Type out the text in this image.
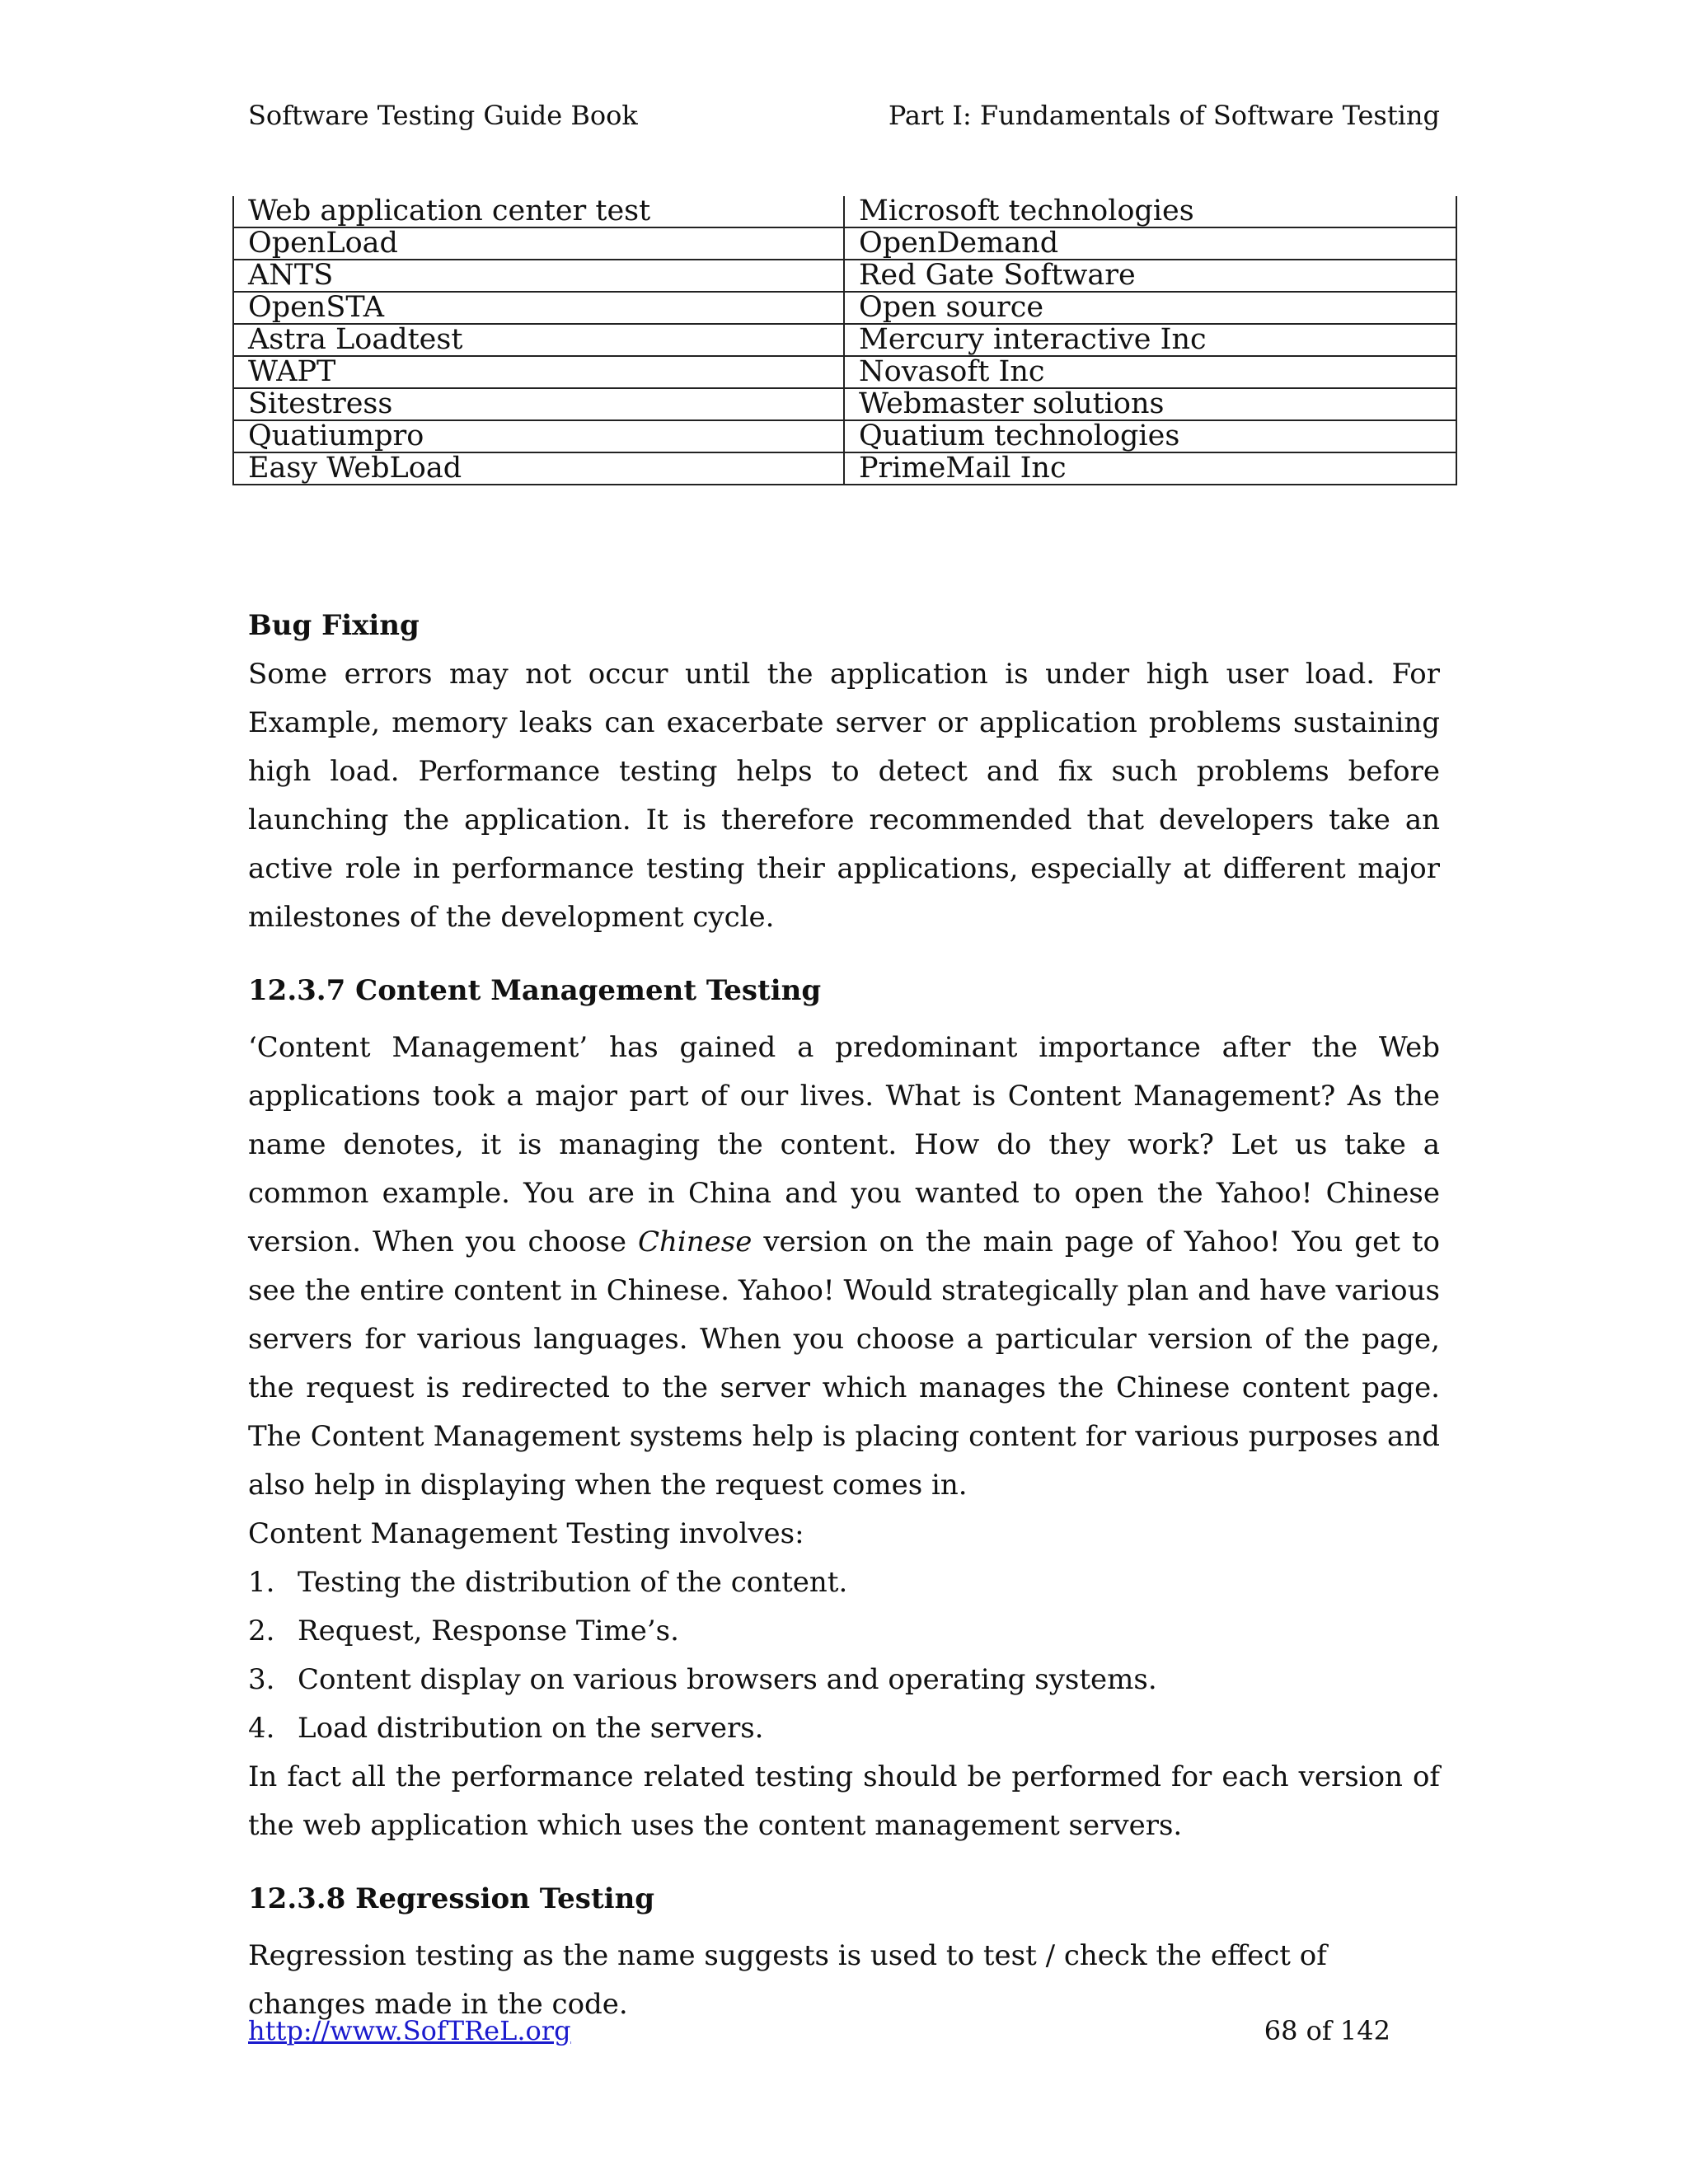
Software Testing Guide Book	Part I: Fundamentals of Software Testing
Web application center test	Microsoft technologies
OpenLoad	OpenDemand
ANTS	Red Gate Software
OpenSTA	Open source
Astra Loadtest	Mercury interactive Inc
WAPT	Novasoft Inc
Sitestress	Webmaster solutions
Quatiumpro	Quatium technologies
Easy WebLoad	PrimeMail Inc
Bug Fixing

Some errors may not occur until the application is under high user load. For Example, memory leaks can exacerbate server or application problems sustaining high load. Performance testing helps to detect and fix such problems before launching the application. It is therefore recommended that developers take an active role in performance testing their applications, especially at different major milestones of the development cycle.

12.3.7 Content Management Testing

‘Content Management’ has gained a predominant importance after the Web applications took a major part of our lives. What is Content Management? As the name denotes, it is managing the content. How do they work? Let us take a common example. You are in China and you wanted to open the Yahoo! Chinese version. When you choose Chinese version on the main page of Yahoo! You get to see the entire content in Chinese. Yahoo! Would strategically plan and have various servers for various languages. When you choose a particular version of the page, the request is redirected to the server which manages the Chinese content page. The Content Management systems help is placing content for various purposes and also help in displaying when the request comes in.

Content Management Testing involves:

1. Testing the distribution of the content.
2. Request, Response Time’s.
3. Content display on various browsers and operating systems.
4. Load distribution on the servers.

In fact all the performance related testing should be performed for each version of the web application which uses the content management servers.

12.3.8 Regression Testing

Regression testing as the name suggests is used to test / check the effect of changes made in the code.

http://www.SofTReL.org	68 of 142
